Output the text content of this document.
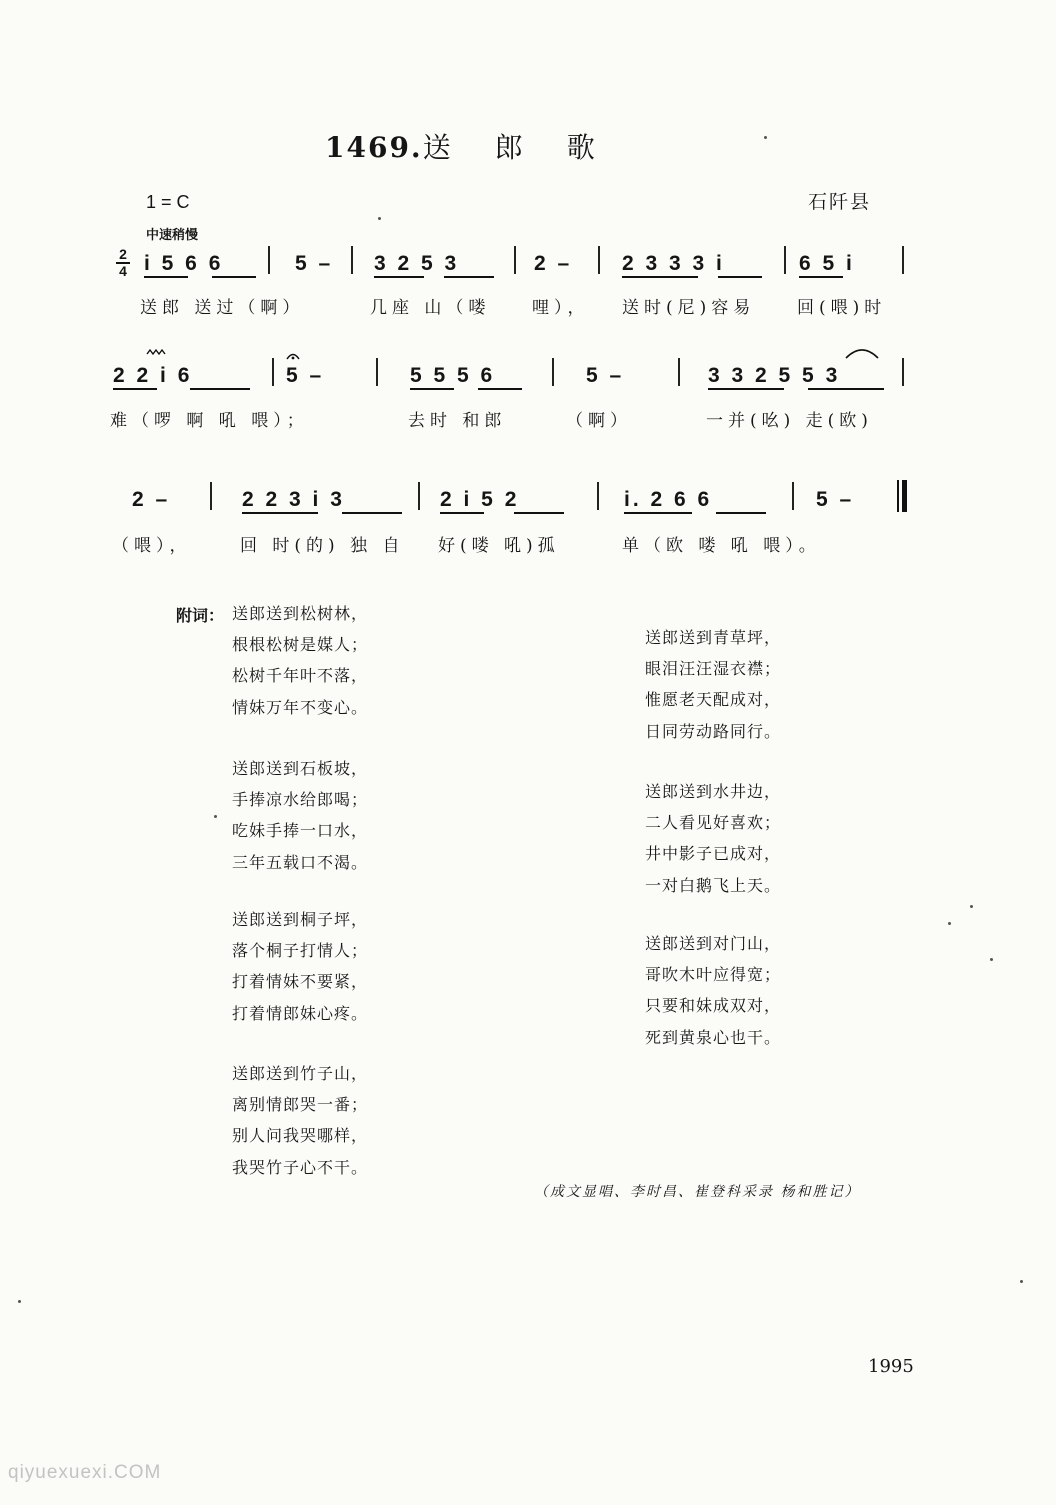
1469.送郎歌
1 = C
中速稍慢
石阡县
2
4 i 5 6 6	5 – 3 2 5 3	2 – 2 3 3 3 i	6 5 i
送郎 送过（啊）	几座 山（喽 哩）， 送时(尼)容易 回(喂)时
2 2 i 6	5 –	5 5 5 6	5 –	3 3 2 5 5 3
难（啰 啊 吼 喂）；	去时 和郎	（啊）	一并(吆) 走(欧)
2 –	2 2 3 i 3	2 i 5 2	i. 2 6 6	5 –
（喂），	回 时(的) 独 自 好(喽 吼)孤	单（欧 喽 吼 喂）。
附词： 送郎送到松树林，
根根松树是媒人；
松树千年叶不落，
情妹万年不变心。
送郎送到石板坡，
手捧凉水给郎喝；
吃妹手捧一口水，
三年五载口不渴。
送郎送到桐子坪，
落个桐子打情人；
打着情妹不要紧，
打着情郎妹心疼。
送郎送到竹子山，
离别情郎哭一番；
别人问我哭哪样，
我哭竹子心不干。
送郎送到青草坪，
眼泪汪汪湿衣襟；
惟愿老天配成对，
日同劳动路同行。
送郎送到水井边，
二人看见好喜欢；
井中影子已成对，
一对白鹅飞上天。
送郎送到对门山，
哥吹木叶应得宽；
只要和妹成双对，
死到黄泉心也干。
（成文显唱、李时昌、崔登科采录 杨和胜记）
1995
qiyuexuexi.COM
